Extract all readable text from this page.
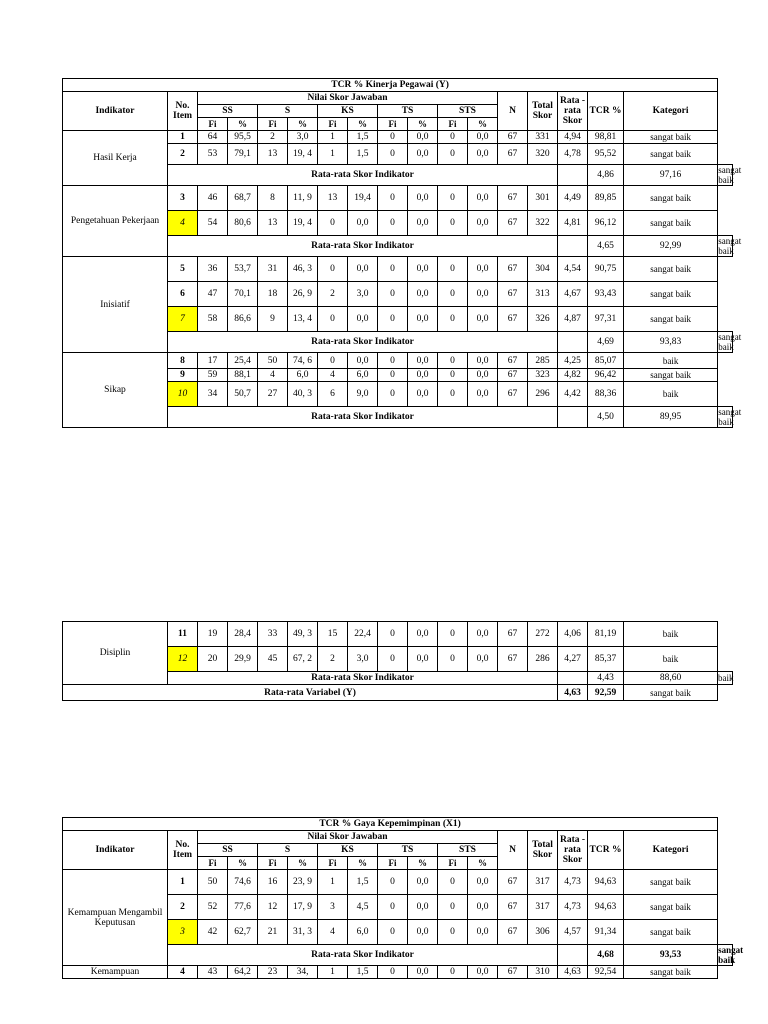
TCR % Kinerja Pegawai (Y)																	
Indikator	No. Item	Nilai Skor Jawaban										N	Total Skor	Rata -rata Skor	TCR %	Kategori	
		SS		S		KS		TS		STS							
		Fi	%	Fi	%	Fi	%	Fi	%	Fi	%						
Hasil Kerja	1	64	95,5	2	3,0	1	1,5	0	0,0	0	0,0	67	331	4,94	98,81	sangat baik	
	2	53	79,1	13	19, 4	1	1,5	0	0,0	0	0,0	67	320	4,78	95,52	sangat baik	
	Rata-rata Skor Indikator														4,86	97,16	sangat baik
Pengetahuan Pekerjaan	3	46	68,7	8	11, 9	13	19,4	0	0,0	0	0,0	67	301	4,49	89,85	sangat baik	
	4	54	80,6	13	19, 4	0	0,0	0	0,0	0	0,0	67	322	4,81	96,12	sangat baik	
	Rata-rata Skor Indikator														4,65	92,99	sangat baik
Inisiatif	5	36	53,7	31	46, 3	0	0,0	0	0,0	0	0,0	67	304	4,54	90,75	sangat baik	
	6	47	70,1	18	26, 9	2	3,0	0	0,0	0	0,0	67	313	4,67	93,43	sangat baik	
	7	58	86,6	9	13, 4	0	0,0	0	0,0	0	0,0	67	326	4,87	97,31	sangat baik	
	Rata-rata Skor Indikator														4,69	93,83	sangat baik
Sikap	8	17	25,4	50	74, 6	0	0,0	0	0,0	0	0,0	67	285	4,25	85,07	baik	
	9	59	88,1	4	6,0	4	6,0	0	0,0	0	0,0	67	323	4,82	96,42	sangat baik	
	10	34	50,7	27	40, 3	6	9,0	0	0,0	0	0,0	67	296	4,42	88,36	baik	
	Rata-rata Skor Indikator														4,50	89,95	sangat baik
Disiplin	11	19	28,4	33	49, 3	15	22,4	0	0,0	0	0,0	67	272	4,06	81,19	baik	
	12	20	29,9	45	67, 2	2	3,0	0	0,0	0	0,0	67	286	4,27	85,37	baik	
	Rata-rata Skor Indikator														4,43	88,60	baik
Rata-rata Variabel (Y)														4,63	92,59	sangat baik	
TCR % Gaya Kepemimpinan (X1)																	
Indikator	No. Item	Nilai Skor Jawaban										N	Total Skor	Rata -rata Skor	TCR %	Kategori	
		SS		S		KS		TS		STS							
		Fi	%	Fi	%	Fi	%	Fi	%	Fi	%						
Kemampuan Mengambil Keputusan	1	50	74,6	16	23, 9	1	1,5	0	0,0	0	0,0	67	317	4,73	94,63	sangat baik	
	2	52	77,6	12	17, 9	3	4,5	0	0,0	0	0,0	67	317	4,73	94,63	sangat baik	
	3	42	62,7	21	31, 3	4	6,0	0	0,0	0	0,0	67	306	4,57	91,34	sangat baik	
	Rata-rata Skor Indikator														4,68	93,53	sangat baik
Kemampuan	4	43	64,2	23	34,	1	1,5	0	0,0	0	0,0	67	310	4,63	92,54	sangat baik	
